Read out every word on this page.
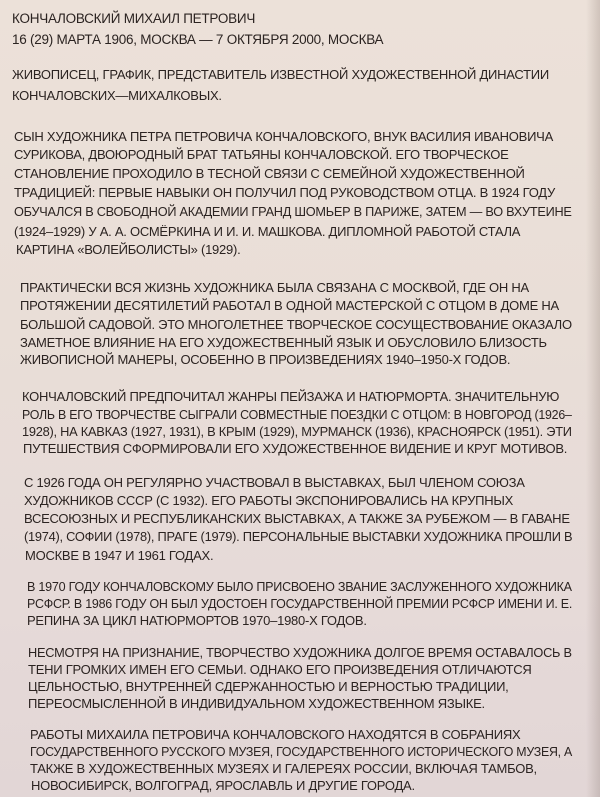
КОНЧАЛОВСКИЙ МИХАИЛ ПЕТРОВИЧ
16 (29) МАРТА 1906, МОСКВА — 7 ОКТЯБРЯ 2000, МОСКВА
ЖИВОПИСЕЦ, ГРАФИК, ПРЕДСТАВИТЕЛЬ ИЗВЕСТНОЙ ХУДОЖЕСТВЕННОЙ ДИНАСТИИ
КОНЧАЛОВСКИХ—МИХАЛКОВЫХ.
СЫН ХУДОЖНИКА ПЕТРА ПЕТРОВИЧА КОНЧАЛОВСКОГО, ВНУК ВАСИЛИЯ ИВАНОВИЧА
СУРИКОВА, ДВОЮРОДНЫЙ БРАТ ТАТЬЯНЫ КОНЧАЛОВСКОЙ. ЕГО ТВОРЧЕСКОЕ
СТАНОВЛЕНИЕ ПРОХОДИЛО В ТЕСНОЙ СВЯЗИ С СЕМЕЙНОЙ ХУДОЖЕСТВЕННОЙ
ТРАДИЦИЕЙ: ПЕРВЫЕ НАВЫКИ ОН ПОЛУЧИЛ ПОД РУКОВОДСТВОМ ОТЦА. В 1924 ГОДУ
ОБУЧАЛСЯ В СВОБОДНОЙ АКАДЕМИИ ГРАНД ШОМЬЕР В ПАРИЖЕ, ЗАТЕМ — ВО ВХУТЕИНЕ
(1924–1929) У А. А. ОСМЁРКИНА И И. И. МАШКОВА. ДИПЛОМНОЙ РАБОТОЙ СТАЛА
КАРТИНА «ВОЛЕЙБОЛИСТЫ» (1929).
ПРАКТИЧЕСКИ ВСЯ ЖИЗНЬ ХУДОЖНИКА БЫЛА СВЯЗАНА С МОСКВОЙ, ГДЕ ОН НА
ПРОТЯЖЕНИИ ДЕСЯТИЛЕТИЙ РАБОТАЛ В ОДНОЙ МАСТЕРСКОЙ С ОТЦОМ В ДОМЕ НА
БОЛЬШОЙ САДОВОЙ. ЭТО МНОГОЛЕТНЕЕ ТВОРЧЕСКОЕ СОСУЩЕСТВОВАНИЕ ОКАЗАЛО
ЗАМЕТНОЕ ВЛИЯНИЕ НА ЕГО ХУДОЖЕСТВЕННЫЙ ЯЗЫК И ОБУСЛОВИЛО БЛИЗОСТЬ
ЖИВОПИСНОЙ МАНЕРЫ, ОСОБЕННО В ПРОИЗВЕДЕНИЯХ 1940–1950-Х ГОДОВ.
КОНЧАЛОВСКИЙ ПРЕДПОЧИТАЛ ЖАНРЫ ПЕЙЗАЖА И НАТЮРМОРТА. ЗНАЧИТЕЛЬНУЮ
РОЛЬ В ЕГО ТВОРЧЕСТВЕ СЫГРАЛИ СОВМЕСТНЫЕ ПОЕЗДКИ С ОТЦОМ: В НОВГОРОД (1926–
1928), НА КАВКАЗ (1927, 1931), В КРЫМ (1929), МУРМАНСК (1936), КРАСНОЯРСК (1951). ЭТИ
ПУТЕШЕСТВИЯ СФОРМИРОВАЛИ ЕГО ХУДОЖЕСТВЕННОЕ ВИДЕНИЕ И КРУГ МОТИВОВ.
С 1926 ГОДА ОН РЕГУЛЯРНО УЧАСТВОВАЛ В ВЫСТАВКАХ, БЫЛ ЧЛЕНОМ СОЮЗА
ХУДОЖНИКОВ СССР (С 1932). ЕГО РАБОТЫ ЭКСПОНИРОВАЛИСЬ НА КРУПНЫХ
ВСЕСОЮЗНЫХ И РЕСПУБЛИКАНСКИХ ВЫСТАВКАХ, А ТАКЖЕ ЗА РУБЕЖОМ — В ГАВАНЕ
(1974), СОФИИ (1978), ПРАГЕ (1979). ПЕРСОНАЛЬНЫЕ ВЫСТАВКИ ХУДОЖНИКА ПРОШЛИ В
МОСКВЕ В 1947 И 1961 ГОДАХ.
В 1970 ГОДУ КОНЧАЛОВСКОМУ БЫЛО ПРИСВОЕНО ЗВАНИЕ ЗАСЛУЖЕННОГО ХУДОЖНИКА
РСФСР. В 1986 ГОДУ ОН БЫЛ УДОСТОЕН ГОСУДАРСТВЕННОЙ ПРЕМИИ РСФСР ИМЕНИ И. Е.
РЕПИНА ЗА ЦИКЛ НАТЮРМОРТОВ 1970–1980-Х ГОДОВ.
НЕСМОТРЯ НА ПРИЗНАНИЕ, ТВОРЧЕСТВО ХУДОЖНИКА ДОЛГОЕ ВРЕМЯ ОСТАВАЛОСЬ В
ТЕНИ ГРОМКИХ ИМЕН ЕГО СЕМЬИ. ОДНАКО ЕГО ПРОИЗВЕДЕНИЯ ОТЛИЧАЮТСЯ
ЦЕЛЬНОСТЬЮ, ВНУТРЕННЕЙ СДЕРЖАННОСТЬЮ И ВЕРНОСТЬЮ ТРАДИЦИИ,
ПЕРЕОСМЫСЛЕННОЙ В ИНДИВИДУАЛЬНОМ ХУДОЖЕСТВЕННОМ ЯЗЫКЕ.
РАБОТЫ МИХАИЛА ПЕТРОВИЧА КОНЧАЛОВСКОГО НАХОДЯТСЯ В СОБРАНИЯХ
ГОСУДАРСТВЕННОГО РУССКОГО МУЗЕЯ, ГОСУДАРСТВЕННОГО ИСТОРИЧЕСКОГО МУЗЕЯ, А
ТАКЖЕ В ХУДОЖЕСТВЕННЫХ МУЗЕЯХ И ГАЛЕРЕЯХ РОССИИ, ВКЛЮЧАЯ ТАМБОВ,
НОВОСИБИРСК, ВОЛГОГРАД, ЯРОСЛАВЛЬ И ДРУГИЕ ГОРОДА.
